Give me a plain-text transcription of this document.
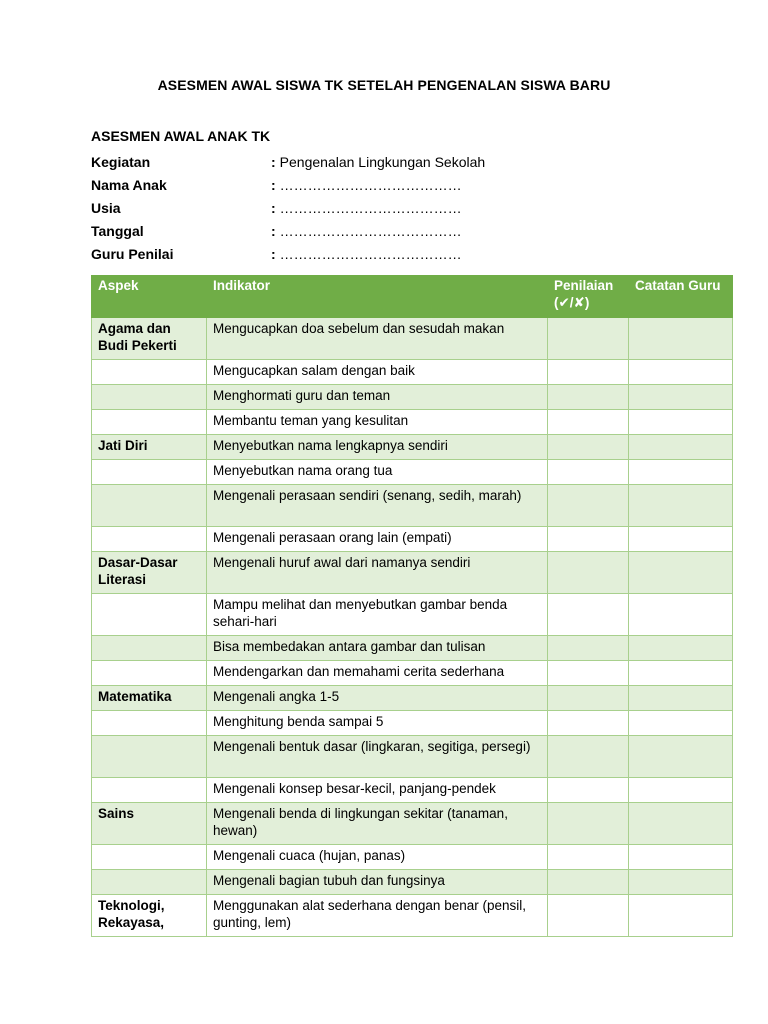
ASESMEN AWAL SISWA TK SETELAH PENGENALAN SISWA BARU
ASESMEN AWAL ANAK TK
Kegiatan	: Pengenalan Lingkungan Sekolah
Nama Anak	: …………………………………
Usia	: …………………………………
Tanggal	: …………………………………
Guru Penilai	: …………………………………
Aspek	Indikator	Penilaian (✔/✘)	Catatan Guru
Agama dan Budi Pekerti	Mengucapkan doa sebelum dan sesudah makan		
	Mengucapkan salam dengan baik		
	Menghormati guru dan teman		
	Membantu teman yang kesulitan		
Jati Diri	Menyebutkan nama lengkapnya sendiri		
	Menyebutkan nama orang tua		
	Mengenali perasaan sendiri (senang, sedih, marah)		
	Mengenali perasaan orang lain (empati)		
Dasar-Dasar Literasi	Mengenali huruf awal dari namanya sendiri		
	Mampu melihat dan menyebutkan gambar benda sehari-hari		
	Bisa membedakan antara gambar dan tulisan		
	Mendengarkan dan memahami cerita sederhana		
Matematika	Mengenali angka 1-5		
	Menghitung benda sampai 5		
	Mengenali bentuk dasar (lingkaran, segitiga, persegi)		
	Mengenali konsep besar-kecil, panjang-pendek		
Sains	Mengenali benda di lingkungan sekitar (tanaman, hewan)		
	Mengenali cuaca (hujan, panas)		
	Mengenali bagian tubuh dan fungsinya		
Teknologi, Rekayasa,	Menggunakan alat sederhana dengan benar (pensil, gunting, lem)		
